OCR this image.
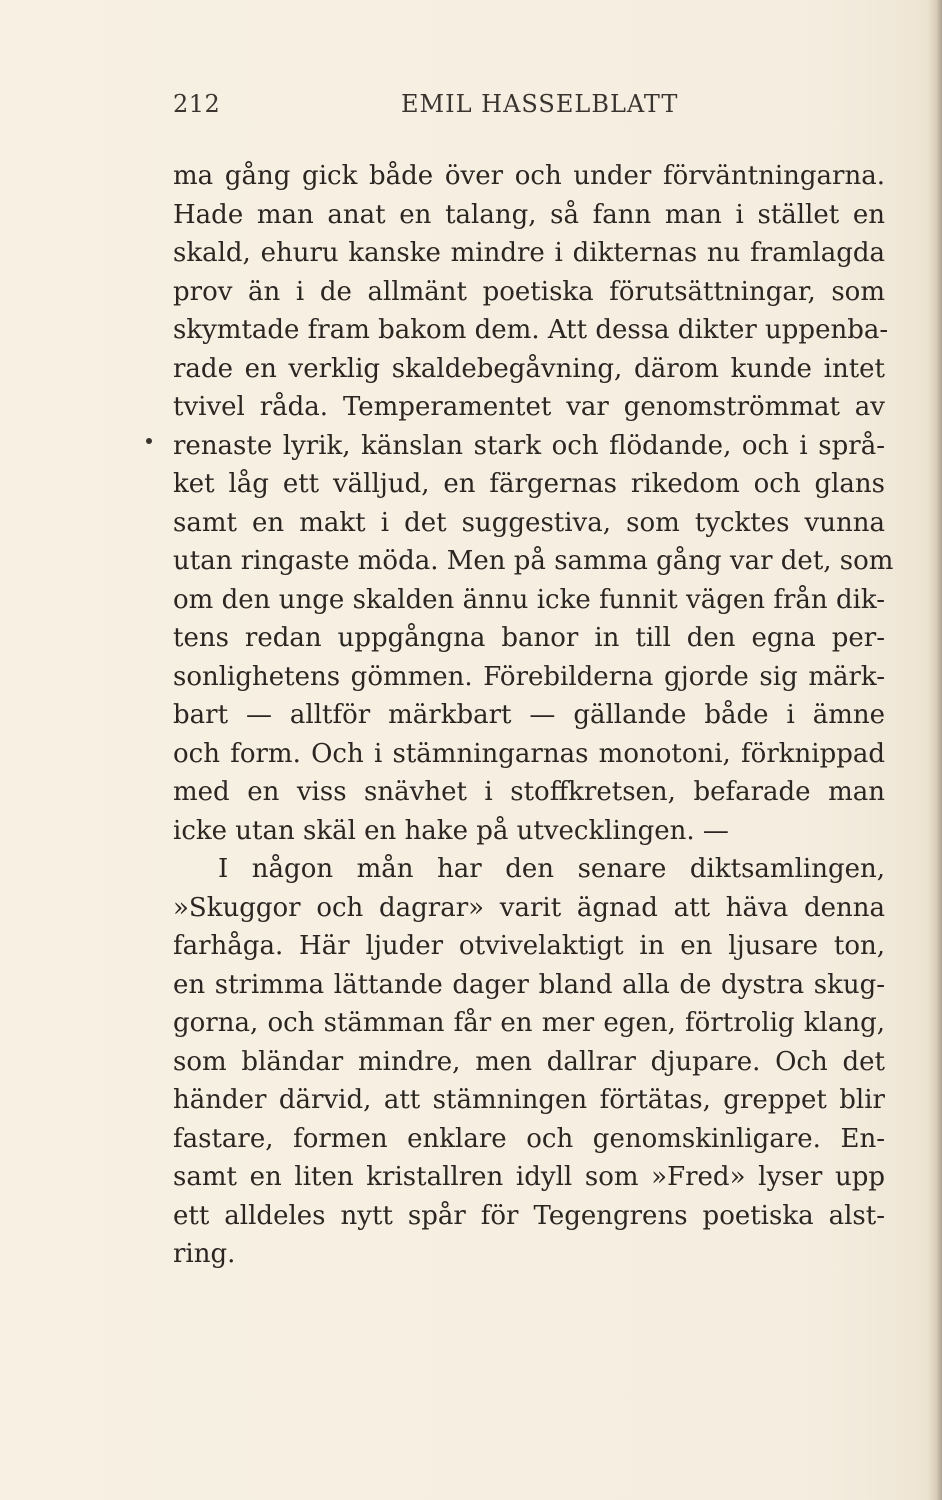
212	EMIL HASSELBLATT
ma gång gick både över och under förväntningarna.
Hade man anat en talang, så fann man i stället en
skald, ehuru kanske mindre i dikternas nu framlagda
prov än i de allmänt poetiska förutsättningar, som
skymtade fram bakom dem. Att dessa dikter uppenba-
rade en verklig skaldebegåvning, därom kunde intet
tvivel råda. Temperamentet var genomströmmat av
renaste lyrik, känslan stark och flödande, och i språ-
ket låg ett välljud, en färgernas rikedom och glans
samt en makt i det suggestiva, som tycktes vunna
utan ringaste möda. Men på samma gång var det, som
om den unge skalden ännu icke funnit vägen från dik-
tens redan uppgångna banor in till den egna per-
sonlighetens gömmen. Förebilderna gjorde sig märk-
bart — alltför märkbart — gällande både i ämne
och form. Och i stämningarnas monotoni, förknippad
med en viss snävhet i stoffkretsen, befarade man
icke utan skäl en hake på utvecklingen. —
I någon mån har den senare diktsamlingen,
»Skuggor och dagrar» varit ägnad att häva denna
farhåga. Här ljuder otvivelaktigt in en ljusare ton,
en strimma lättande dager bland alla de dystra skug-
gorna, och stämman får en mer egen, förtrolig klang,
som bländar mindre, men dallrar djupare. Och det
händer därvid, att stämningen förtätas, greppet blir
fastare, formen enklare och genomskinligare. En-
samt en liten kristallren idyll som »Fred» lyser upp
ett alldeles nytt spår för Tegengrens poetiska alst-
ring.
